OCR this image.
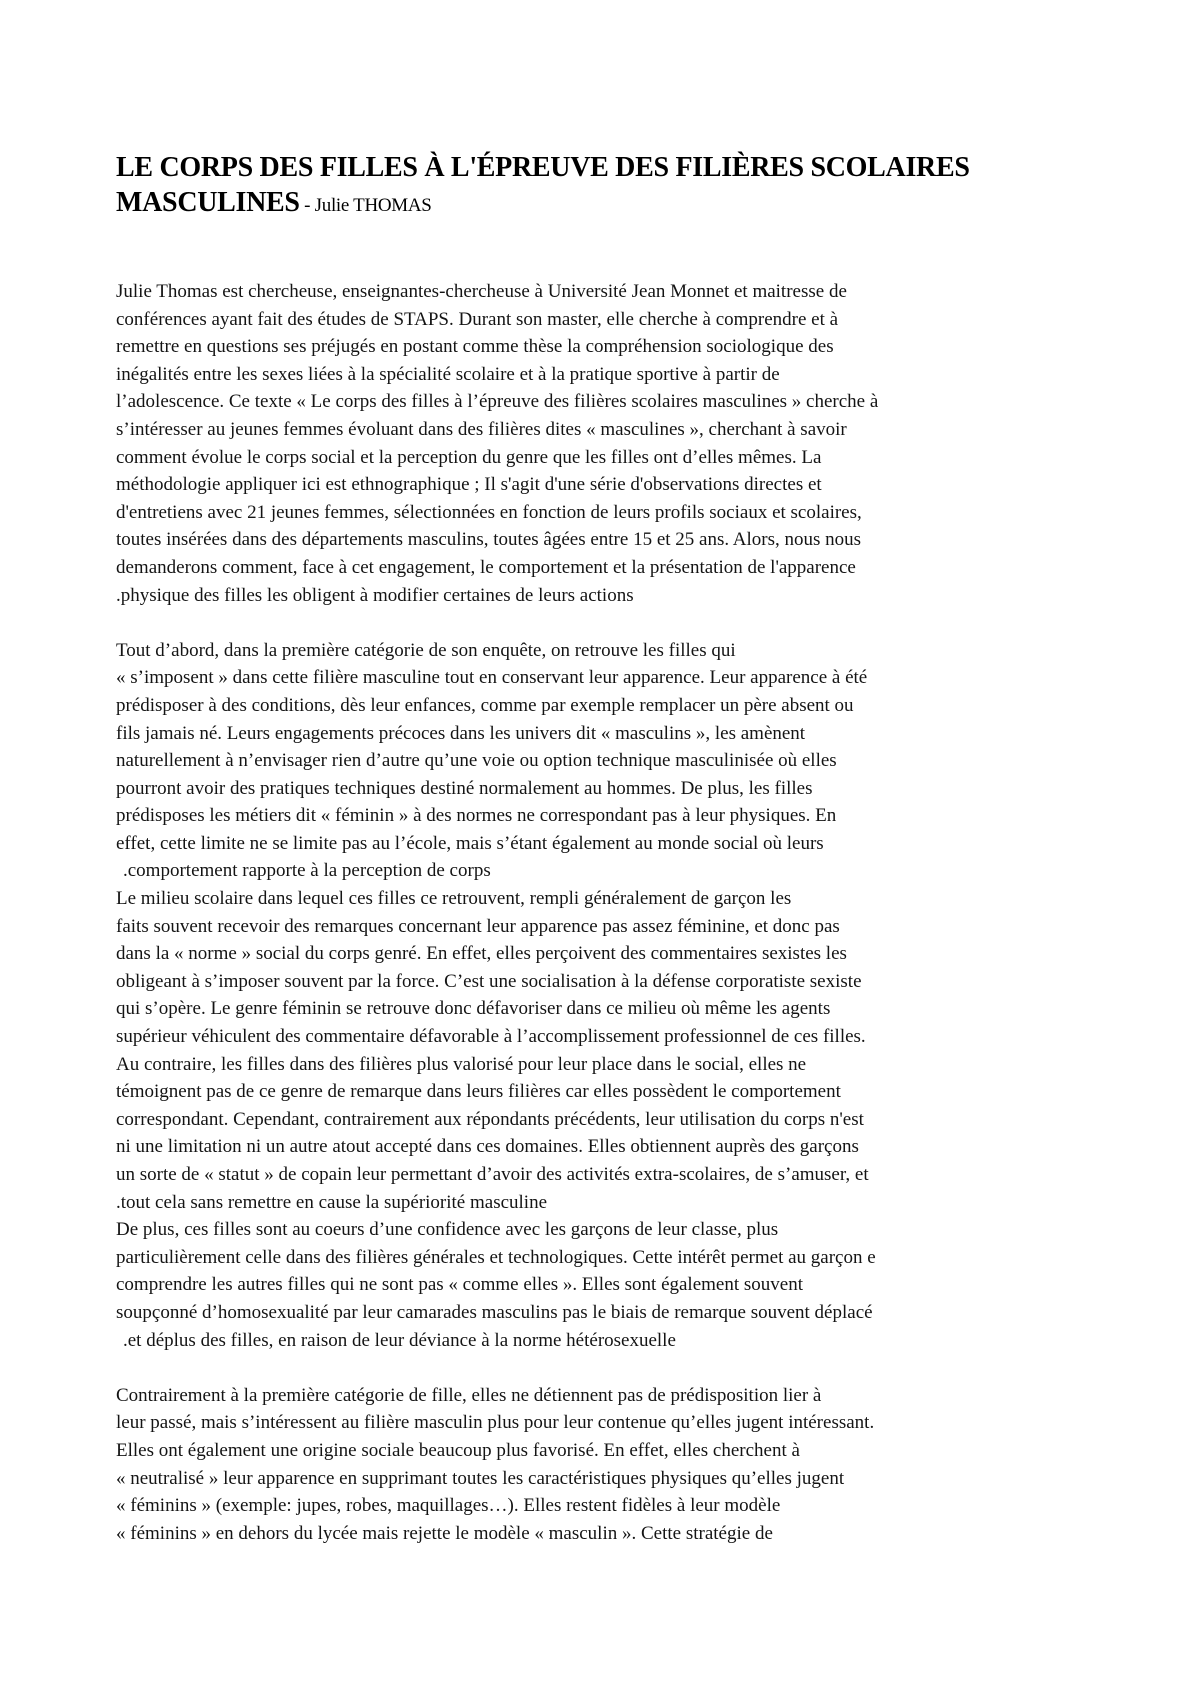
LE CORPS DES FILLES À L'ÉPREUVE DES FILIÈRES SCOLAIRES MASCULINES - Julie THOMAS
Julie Thomas est chercheuse, enseignantes-chercheuse à Université Jean Monnet et maitresse de
conférences ayant fait des études de STAPS. Durant son master, elle cherche à comprendre et à
remettre en questions ses préjugés en postant comme thèse la compréhension sociologique des
inégalités entre les sexes liées à la spécialité scolaire et à la pratique sportive à partir de
l’adolescence. Ce texte « Le corps des filles à l’épreuve des filières scolaires masculines » cherche à
s’intéresser au jeunes femmes évoluant dans des filières dites « masculines », cherchant à savoir
comment évolue le corps social et la perception du genre que les filles ont d’elles mêmes. La
méthodologie appliquer ici est ethnographique ; Il s'agit d'une série d'observations directes et
d'entretiens avec 21 jeunes femmes, sélectionnées en fonction de leurs profils sociaux et scolaires,
toutes insérées dans des départements masculins, toutes âgées entre 15 et 25 ans. Alors, nous nous
demanderons comment, face à cet engagement, le comportement et la présentation de l'apparence
.physique des filles les obligent à modifier certaines de leurs actions
Tout d’abord, dans la première catégorie de son enquête, on retrouve les filles qui
« s’imposent » dans cette filière masculine tout en conservant leur apparence. Leur apparence à été
prédisposer à des conditions, dès leur enfances, comme par exemple remplacer un père absent ou
fils jamais né. Leurs engagements précoces dans les univers dit « masculins », les amènent
naturellement à n’envisager rien d’autre qu’une voie ou option technique masculinisée où elles
pourront avoir des pratiques techniques destiné normalement au hommes. De plus, les filles
prédisposes les métiers dit « féminin » à des normes ne correspondant pas à leur physiques. En
effet, cette limite ne se limite pas au l’école, mais s’étant également au monde social où leurs
.comportement rapporte à la perception de corps
Le milieu scolaire dans lequel ces filles ce retrouvent, rempli généralement de garçon les
faits souvent recevoir des remarques concernant leur apparence pas assez féminine, et donc pas
dans la « norme » social du corps genré. En effet, elles perçoivent des commentaires sexistes les
obligeant à s’imposer souvent par la force. C’est une socialisation à la défense corporatiste sexiste
qui s’opère. Le genre féminin se retrouve donc défavoriser dans ce milieu où même les agents
supérieur véhiculent des commentaire défavorable à l’accomplissement professionnel de ces filles.
Au contraire, les filles dans des filières plus valorisé pour leur place dans le social, elles ne
témoignent pas de ce genre de remarque dans leurs filières car elles possèdent le comportement
correspondant. Cependant, contrairement aux répondants précédents, leur utilisation du corps n'est
ni une limitation ni un autre atout accepté dans ces domaines. Elles obtiennent auprès des garçons
un sorte de « statut » de copain leur permettant d’avoir des activités extra-scolaires, de s’amuser, et
.tout cela sans remettre en cause la supériorité masculine
De plus, ces filles sont au coeurs d’une confidence avec les garçons de leur classe, plus
particulièrement celle dans des filières générales et technologiques. Cette intérêt permet au garçon e
comprendre les autres filles qui ne sont pas « comme elles ». Elles sont également souvent
soupçonné d’homosexualité par leur camarades masculins pas le biais de remarque souvent déplacé
.et déplus des filles, en raison de leur déviance à la norme hétérosexuelle
Contrairement à la première catégorie de fille, elles ne détiennent pas de prédisposition lier à
leur passé, mais s’intéressent au filière masculin plus pour leur contenue qu’elles jugent intéressant.
Elles ont également une origine sociale beaucoup plus favorisé. En effet, elles cherchent à
« neutralisé » leur apparence en supprimant toutes les caractéristiques physiques qu’elles jugent
« féminins » (exemple: jupes, robes, maquillages…). Elles restent fidèles à leur modèle
« féminins » en dehors du lycée mais rejette le modèle « masculin ». Cette stratégie de
